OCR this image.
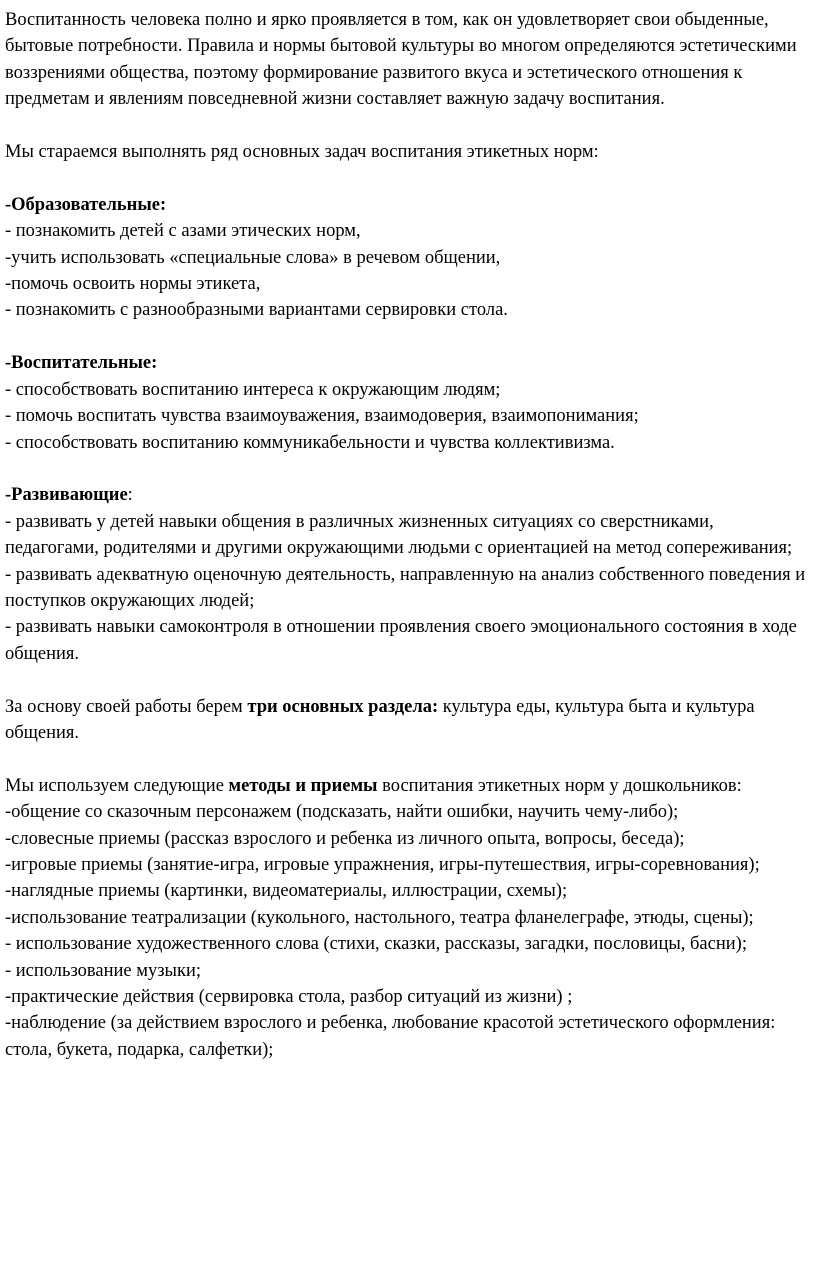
Воспитанность человека полно и ярко проявляется в том, как он удовлетворяет свои обыденные, бытовые потребности. Правила и нормы бытовой культуры во многом определяются эстетическими воззрениями общества, поэтому формирование развитого вкуса и эстетического отношения к предметам и явлениям повседневной жизни составляет важную задачу воспитания.

Мы стараемся выполнять ряд основных задач воспитания этикетных норм:

-Образовательные:

- познакомить детей с азами этических норм,

-учить использовать «специальные слова» в речевом общении,

-помочь освоить нормы этикета,

- познакомить с разнообразными вариантами сервировки стола.

-Воспитательные:

- способствовать воспитанию интереса к окружающим людям;

- помочь воспитать чувства взаимоуважения, взаимодоверия, взаимопонимания;

- способствовать воспитанию коммуникабельности и чувства коллективизма.

-Развивающие:

- развивать у детей навыки общения в различных жизненных ситуациях со сверстниками, педагогами, родителями и другими окружающими людьми с ориентацией на метод сопереживания;

- развивать адекватную оценочную деятельность, направленную на анализ собственного поведения и поступков окружающих людей;

- развивать навыки самоконтроля в отношении проявления своего эмоционального состояния в ходе общения.

За основу своей работы берем три основных раздела: культура еды, культура быта и культура общения.

Мы используем следующие методы и приемы воспитания этикетных норм у дошкольников:

-общение со сказочным персонажем (подсказать, найти ошибки, научить чему-либо);

-словесные приемы (рассказ взрослого и ребенка из личного опыта, вопросы, беседа);

-игровые приемы (занятие-игра, игровые упражнения, игры-путешествия, игры-соревнования);

-наглядные приемы (картинки, видеоматериалы, иллюстрации, схемы);

-использование театрализации (кукольного, настольного, театра фланелеграфе, этюды, сцены);

- использование художественного слова (стихи, сказки, рассказы, загадки, пословицы, басни);

- использование музыки;

-практические действия (сервировка стола, разбор ситуаций из жизни) ;

-наблюдение (за действием взрослого и ребенка, любование красотой эстетического оформления: стола, букета, подарка, салфетки);
